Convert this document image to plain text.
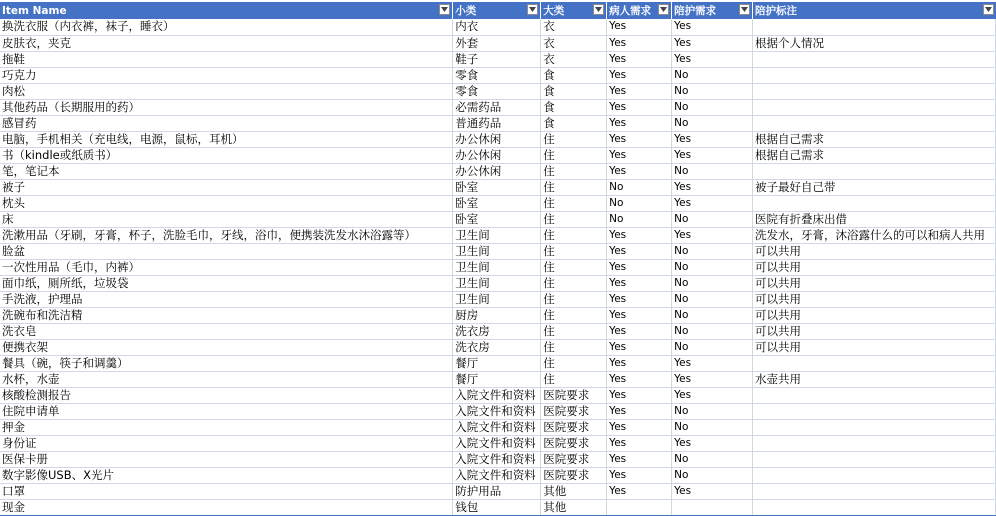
Item Name	小类	大类	病人需求	陪护需求	陪护标注

换洗衣服（内衣裤，袜子，睡衣）	内衣	衣	Yes	Yes	
皮肤衣，夹克	外套	衣	Yes	Yes	根据个人情况
拖鞋	鞋子	衣	Yes	Yes	
巧克力	零食	食	Yes	No	
肉松	零食	食	Yes	No	
其他药品（长期服用的药）	必需药品	食	Yes	No	
感冒药	普通药品	食	Yes	No	
电脑，手机相关（充电线，电源，鼠标，耳机）	办公休闲	住	Yes	Yes	根据自己需求
书（kindle或纸质书）	办公休闲	住	Yes	Yes	根据自己需求
笔，笔记本	办公休闲	住	Yes	No	
被子	卧室	住	No	Yes	被子最好自己带
枕头	卧室	住	No	Yes	
床	卧室	住	No	No	医院有折叠床出借
洗漱用品（牙刷，牙膏，杯子，洗脸毛巾，牙线，浴巾，便携装洗发水沐浴露等）	卫生间	住	Yes	Yes	洗发水，牙膏，沐浴露什么的可以和病人共用
脸盆	卫生间	住	Yes	No	可以共用
一次性用品（毛巾，内裤）	卫生间	住	Yes	No	可以共用
面巾纸，厕所纸，垃圾袋	卫生间	住	Yes	No	可以共用
手洗液，护理品	卫生间	住	Yes	No	可以共用
洗碗布和洗洁精	厨房	住	Yes	No	可以共用
洗衣皂	洗衣房	住	Yes	No	可以共用
便携衣架	洗衣房	住	Yes	No	可以共用
餐具（碗，筷子和调羹）	餐厅	住	Yes	Yes	
水杯，水壶	餐厅	住	Yes	Yes	水壶共用
核酸检测报告	入院文件和资料	医院要求	Yes	Yes	
住院申请单	入院文件和资料	医院要求	Yes	No	
押金	入院文件和资料	医院要求	Yes	No	
身份证	入院文件和资料	医院要求	Yes	Yes	
医保卡册	入院文件和资料	医院要求	Yes	No	
数字影像USB、X光片	入院文件和资料	医院要求	Yes	No	
口罩	防护用品	其他	Yes	Yes	
现金	钱包	其他			
